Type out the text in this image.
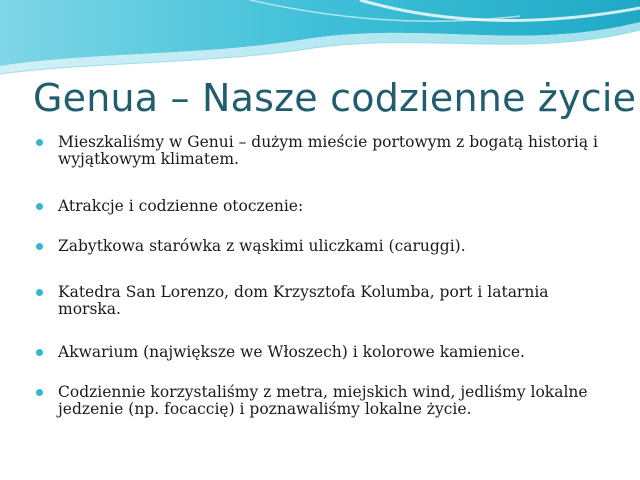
Genua – Nasze codzienne życie
Mieszkaliśmy w Genui – dużym mieście portowym z bogatą historią i wyjątkowym klimatem.
Atrakcje i codzienne otoczenie:
Zabytkowa starówka z wąskimi uliczkami (caruggi).
Katedra San Lorenzo, dom Krzysztofa Kolumba, port i latarnia morska.
Akwarium (największe we Włoszech) i kolorowe kamienice.
Codziennie korzystaliśmy z metra, miejskich wind, jedliśmy lokalne jedzenie (np. focaccię) i poznawaliśmy lokalne życie.
